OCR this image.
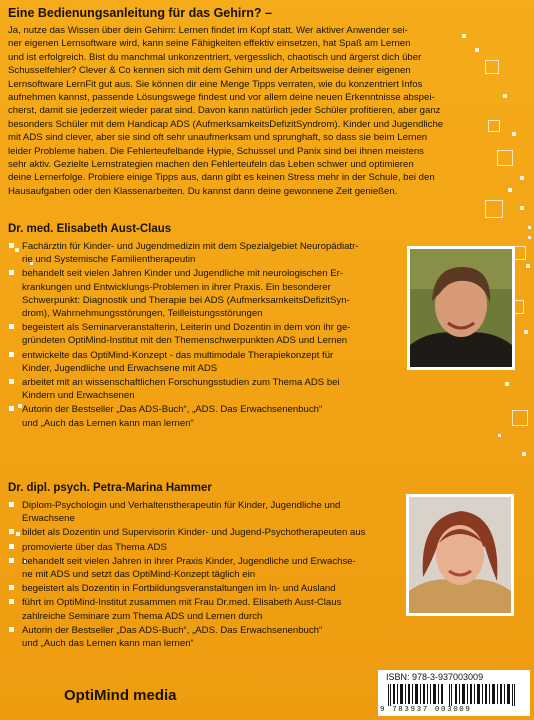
Eine Bedienungsanleitung für das Gehirn? –
Ja, nutze das Wissen über dein Gehirn: Lernen findet im Kopf statt. Wer aktiver Anwender sei-
ner eigenen Lernsoftware wird, kann seine Fähigkeiten effektiv einsetzen, hat Spaß am Lernen
und ist erfolgreich. Bist du manchmal unkonzentriert, vergesslich, chaotisch und ärgerst dich über
Schusselfehler? Clever & Co kennen sich mit dem Gehirn und der Arbeitsweise deiner eigenen
Lernsoftware LernFit gut aus. Sie können dir eine Menge Tipps verraten, wie du konzentriert Infos
aufnehmen kannst, passende Lösungswege findest und vor allem deine neuen Erkenntnisse abspei-
cherst, damit sie jederzeit wieder parat sind. Davon kann natürlich jeder Schüler profitieren, aber ganz
besonders Schüler mit dem Handicap ADS (AufmerksamkeitsDefizitSyndrom). Kinder und Jugendliche
mit ADS sind clever, aber sie sind oft sehr unaufmerksam und sprunghaft, so dass sie beim Lernen
leider Probleme haben. Die Fehlerteufelbande Hypie, Schussel und Panix sind bei ihnen meistens
sehr aktiv. Gezielte Lernstrategien machen den Fehlerteufeln das Leben schwer und optimieren
deine Lernerfolge. Probiere einige Tipps aus, dann gibt es keinen Stress mehr in der Schule, bei den
Hausaufgaben oder den Klassenarbeiten. Du kannst dann deine gewonnene Zeit genießen.
Dr. med. Elisabeth Aust-Claus
Fachärztin für Kinder- und Jugendmedizin mit dem Spezialgebiet Neuropädiatr-
rie und Systemische Familientherapeutin
behandelt seit vielen Jahren Kinder und Jugendliche mit neurologischen Er-
krankungen und Entwicklungs-Problemen in ihrer Praxis. Ein besonderer
Schwerpunkt: Diagnostik und Therapie bei ADS (AufmerksamkeitsDefizitSyn-
drom), Wahrnehmungsstörungen, Teilleistungsstörungen
begeistert als Seminarveranstalterin, Leiterin und Dozentin in dem von ihr ge-
gründeten OptiMind-Institut mit den Themenschwerpunkten ADS und Lernen
entwickelte das OptiMind-Konzept - das multimodale Therapiekonzept für
Kinder, Jugendliche und Erwachsene mit ADS
arbeitet mit an wissenschaftlichen Forschungsstudien zum Thema ADS bei
Kindern und Erwachsenen
Autorin der Bestseller „Das ADS-Buch“, „ADS. Das Erwachsenenbuch“
und „Auch das Lernen kann man lernen“
Dr. dipl. psych. Petra-Marina Hammer
Diplom-Psychologin und Verhaltenstherapeutin für Kinder, Jugendliche und
Erwachsene
bildet als Dozentin und Supervisorin Kinder- und Jugend-Psychotherapeuten aus
promovierte über das Thema ADS
behandelt seit vielen Jahren in ihrer Praxis Kinder, Jugendliche und Erwachse-
ne mit ADS und setzt das OptiMind-Konzept täglich ein
begeistert als Dozentin in Fortbildungsveranstaltungen im In- und Ausland
führt im OptiMind-Institut zusammen mit Frau Dr.med. Elisabeth Aust-Claus
zahlreiche Seminare zum Thema ADS und Lernen durch
Autorin der Bestseller „Das ADS-Buch“, „ADS. Das Erwachsenenbuch“
und „Auch das Lernen kann man lernen“
OptiMind media
ISBN: 978-3-937003009
9 783937 003009
